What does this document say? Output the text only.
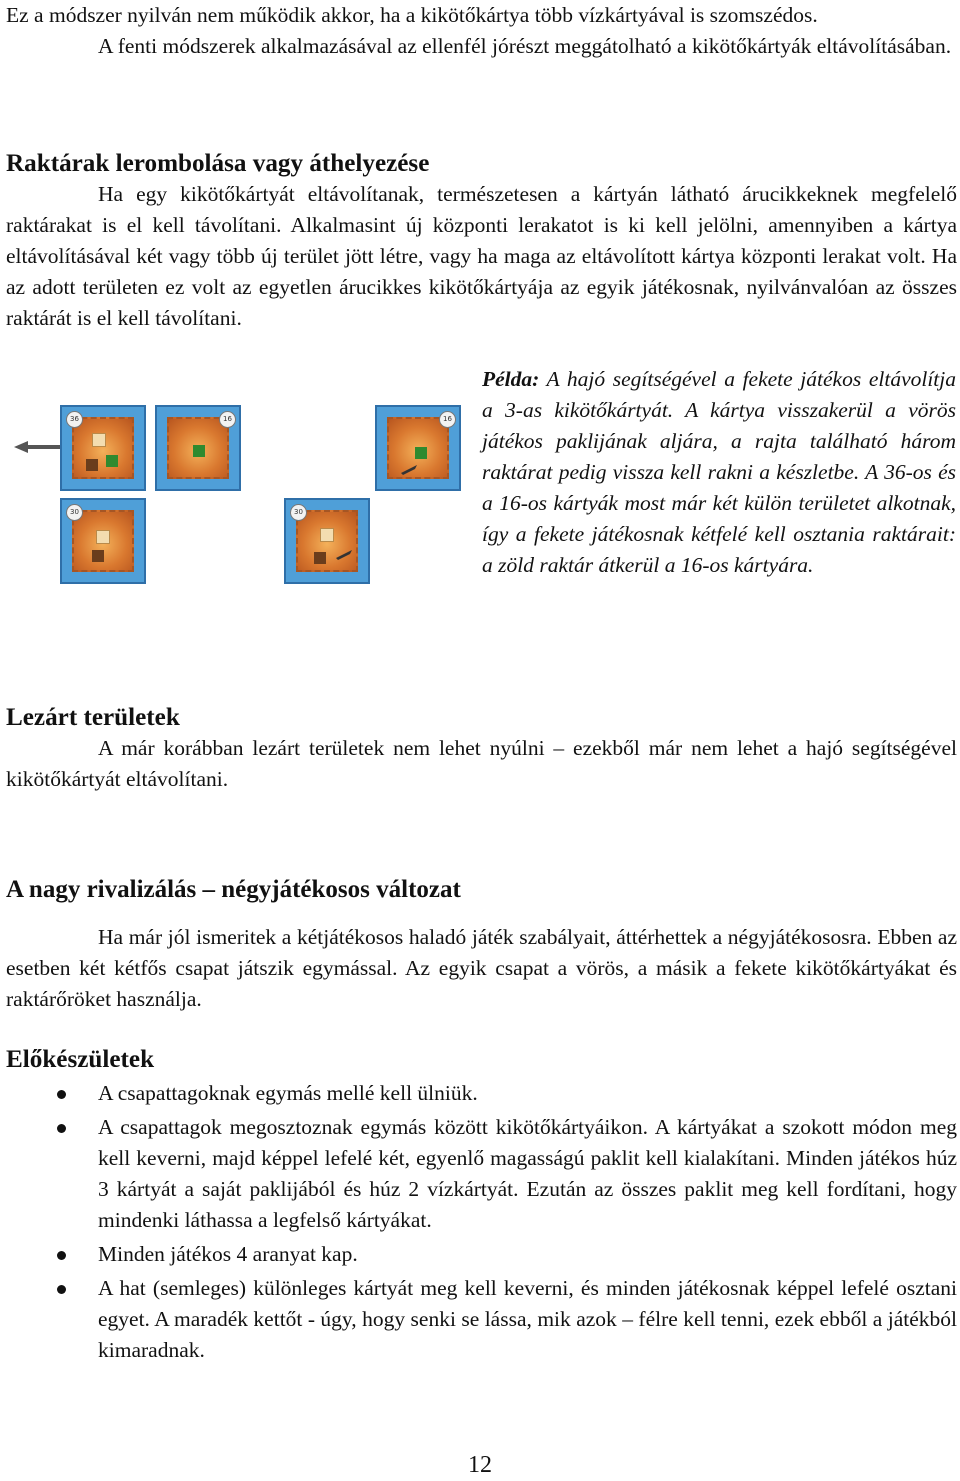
Ez a módszer nyilván nem működik akkor, ha a kikötőkártya több vízkártyával is szomszédos.

A fenti módszerek alkalmazásával az ellenfél jórészt meggátolható a kikötőkártyák eltávolításában.

Raktárak lerombolása vagy áthelyezése

Ha egy kikötőkártyát eltávolítanak, természetesen a kártyán látható árucikkeknek megfelelő raktárakat is el kell távolítani. Alkalmasint új központi lerakatot is ki kell jelölni, amennyiben a kártya eltávolításával két vagy több új terület jött létre, vagy ha maga az eltávolított kártya központi lerakat volt. Ha az adott területen ez volt az egyetlen árucikkes kikötőkártyája az egyik játékosnak, nyilvánvalóan az összes raktárát is el kell távolítani.

36	16
30
16
30
Példa: A hajó segítségével a fekete játékos eltávolítja a 3-as kikötőkártyát. A kártya visszakerül a vörös játékos paklijának aljára, a rajta található három raktárat pedig vissza kell rakni a készletbe. A 36-os és a 16-os kártyák most már két külön területet alkotnak, így a fekete játékosnak kétfelé kell osztania raktárait: a zöld raktár átkerül a 16-os kártyára.
Lezárt területek

A már korábban lezárt területek nem lehet nyúlni – ezekből már nem lehet a hajó segítségével kikötőkártyát eltávolítani.

A nagy rivalizálás – négyjátékosos változat

Ha már jól ismeritek a kétjátékosos haladó játék szabályait, áttérhettek a négyjátékososra. Ebben az esetben két kétfős csapat játszik egymással. Az egyik csapat a vörös, a másik a fekete kikötőkártyákat és raktárőröket használja.

Előkészületek
A csapattagoknak egymás mellé kell ülniük.
A csapattagok megosztoznak egymás között kikötőkártyáikon. A kártyákat a szokott módon meg kell keverni, majd képpel lefelé két, egyenlő magasságú paklit kell kialakítani. Minden játékos húz 3 kártyát a saját paklijából és húz 2 vízkártyát. Ezután az összes paklit meg kell fordítani, hogy mindenki láthassa a legfelső kártyákat.
Minden játékos 4 aranyat kap.
A hat (semleges) különleges kártyát meg kell keverni, és minden játékosnak képpel lefelé osztani egyet. A maradék kettőt - úgy, hogy senki se lássa, mik azok – félre kell tenni, ezek ebből a játékból kimaradnak.
12
